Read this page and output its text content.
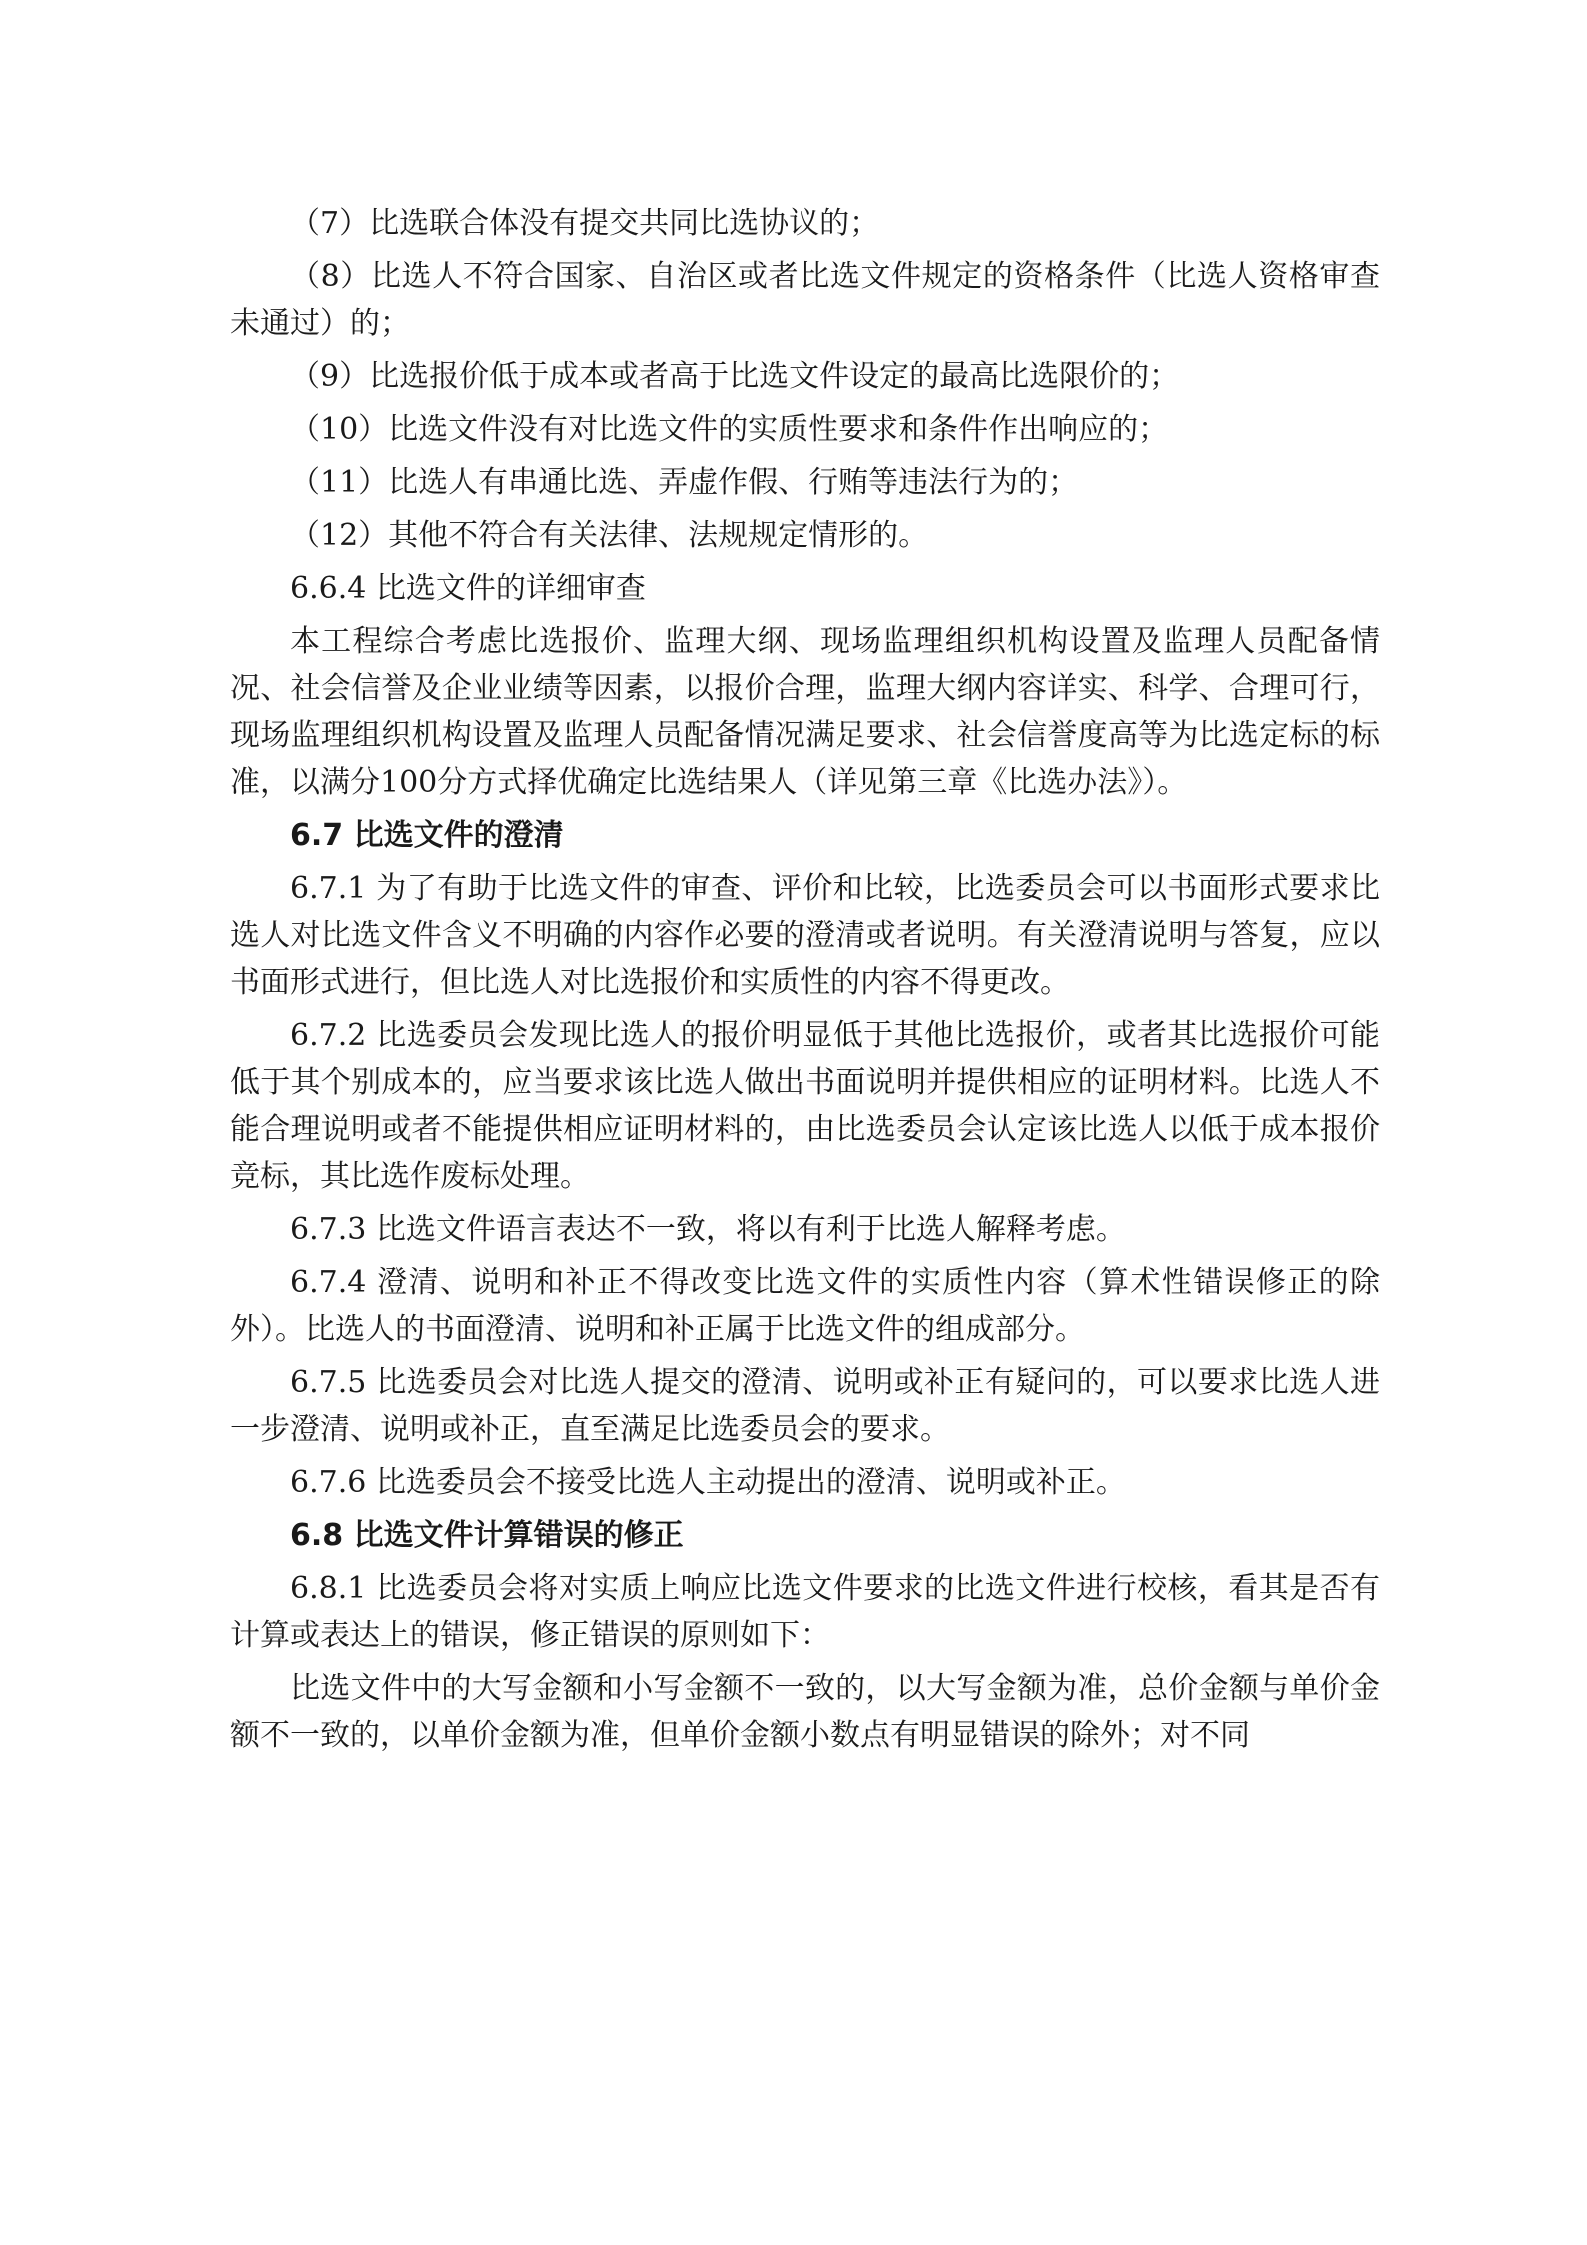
（7）比选联合体没有提交共同比选协议的；

（8）比选人不符合国家、自治区或者比选文件规定的资格条件（比选人资格审查未通过）的；

（9）比选报价低于成本或者高于比选文件设定的最高比选限价的；

（10）比选文件没有对比选文件的实质性要求和条件作出响应的；

（11）比选人有串通比选、弄虚作假、行贿等违法行为的；

（12）其他不符合有关法律、法规规定情形的。

6.6.4 比选文件的详细审查

本工程综合考虑比选报价、监理大纲、现场监理组织机构设置及监理人员配备情况、社会信誉及企业业绩等因素，以报价合理，监理大纲内容详实、科学、合理可行，现场监理组织机构设置及监理人员配备情况满足要求、社会信誉度高等为比选定标的标准，以满分100分方式择优确定比选结果人（详见第三章《比选办法》）。

6.7 比选文件的澄清

6.7.1 为了有助于比选文件的审查、评价和比较，比选委员会可以书面形式要求比选人对比选文件含义不明确的内容作必要的澄清或者说明。有关澄清说明与答复，应以书面形式进行，但比选人对比选报价和实质性的内容不得更改。

6.7.2 比选委员会发现比选人的报价明显低于其他比选报价，或者其比选报价可能低于其个别成本的，应当要求该比选人做出书面说明并提供相应的证明材料。比选人不能合理说明或者不能提供相应证明材料的，由比选委员会认定该比选人以低于成本报价竞标，其比选作废标处理。

6.7.3 比选文件语言表达不一致，将以有利于比选人解释考虑。

6.7.4 澄清、说明和补正不得改变比选文件的实质性内容（算术性错误修正的除外）。比选人的书面澄清、说明和补正属于比选文件的组成部分。

6.7.5 比选委员会对比选人提交的澄清、说明或补正有疑问的，可以要求比选人进一步澄清、说明或补正，直至满足比选委员会的要求。

6.7.6 比选委员会不接受比选人主动提出的澄清、说明或补正。

6.8 比选文件计算错误的修正

6.8.1 比选委员会将对实质上响应比选文件要求的比选文件进行校核，看其是否有计算或表达上的错误，修正错误的原则如下：

比选文件中的大写金额和小写金额不一致的，以大写金额为准，总价金额与单价金额不一致的，以单价金额为准，但单价金额小数点有明显错误的除外；对不同
